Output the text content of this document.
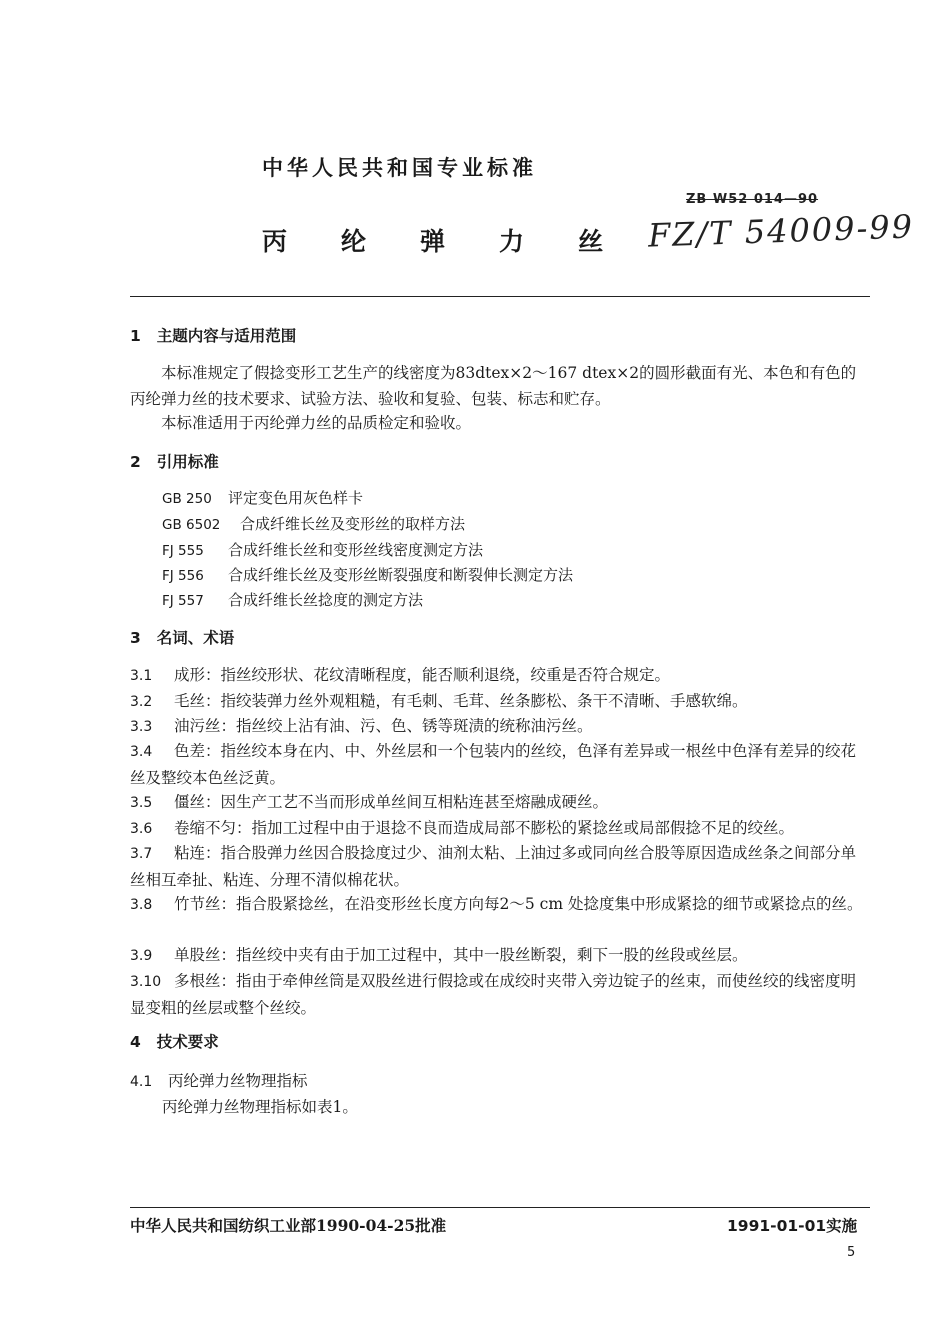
中华人民共和国专业标准
ZB W52 014—90
丙 纶 弹 力 丝	FZ/T 54009-99
1 主题内容与适用范围
本标准规定了假捻变形工艺生产的线密度为83dtex×2～167 dtex×2的圆形截面有光、本色和有色的丙纶弹力丝的技术要求、试验方法、验收和复验、包装、标志和贮存。
本标准适用于丙纶弹力丝的品质检定和验收。
2 引用标准
GB 250 评定变色用灰色样卡
GB 6502 合成纤维长丝及变形丝的取样方法
FJ 555 合成纤维长丝和变形丝线密度测定方法
FJ 556 合成纤维长丝及变形丝断裂强度和断裂伸长测定方法
FJ 557 合成纤维长丝捻度的测定方法
3 名词、术语
3.1 成形：指丝绞形状、花纹清晰程度，能否顺利退绕，绞重是否符合规定。
3.2 毛丝：指绞装弹力丝外观粗糙，有毛刺、毛茸、丝条膨松、条干不清晰、手感软绵。
3.3 油污丝：指丝绞上沾有油、污、色、锈等斑渍的统称油污丝。
3.4 色差：指丝绞本身在内、中、外丝层和一个包装内的丝绞，色泽有差异或一根丝中色泽有差异的绞花丝及整绞本色丝泛黄。
3.5 僵丝：因生产工艺不当而形成单丝间互相粘连甚至熔融成硬丝。
3.6 卷缩不匀：指加工过程中由于退捻不良而造成局部不膨松的紧捻丝或局部假捻不足的绞丝。
3.7 粘连：指合股弹力丝因合股捻度过少、油剂太粘、上油过多或同向丝合股等原因造成丝条之间部分单丝相互牵扯、粘连、分理不清似棉花状。
3.8 竹节丝：指合股紧捻丝，在沿变形丝长度方向每2～5 cm 处捻度集中形成紧捻的细节或紧捻点的丝。
3.9 单股丝：指丝绞中夹有由于加工过程中，其中一股丝断裂，剩下一股的丝段或丝层。
3.10 多根丝：指由于牵伸丝筒是双股丝进行假捻或在成绞时夹带入旁边锭子的丝束，而使丝绞的线密度明显变粗的丝层或整个丝绞。
4 技术要求
4.1 丙纶弹力丝物理指标
丙纶弹力丝物理指标如表1。
中华人民共和国纺织工业部1990-04-25批准	1991-01-01实施
5
